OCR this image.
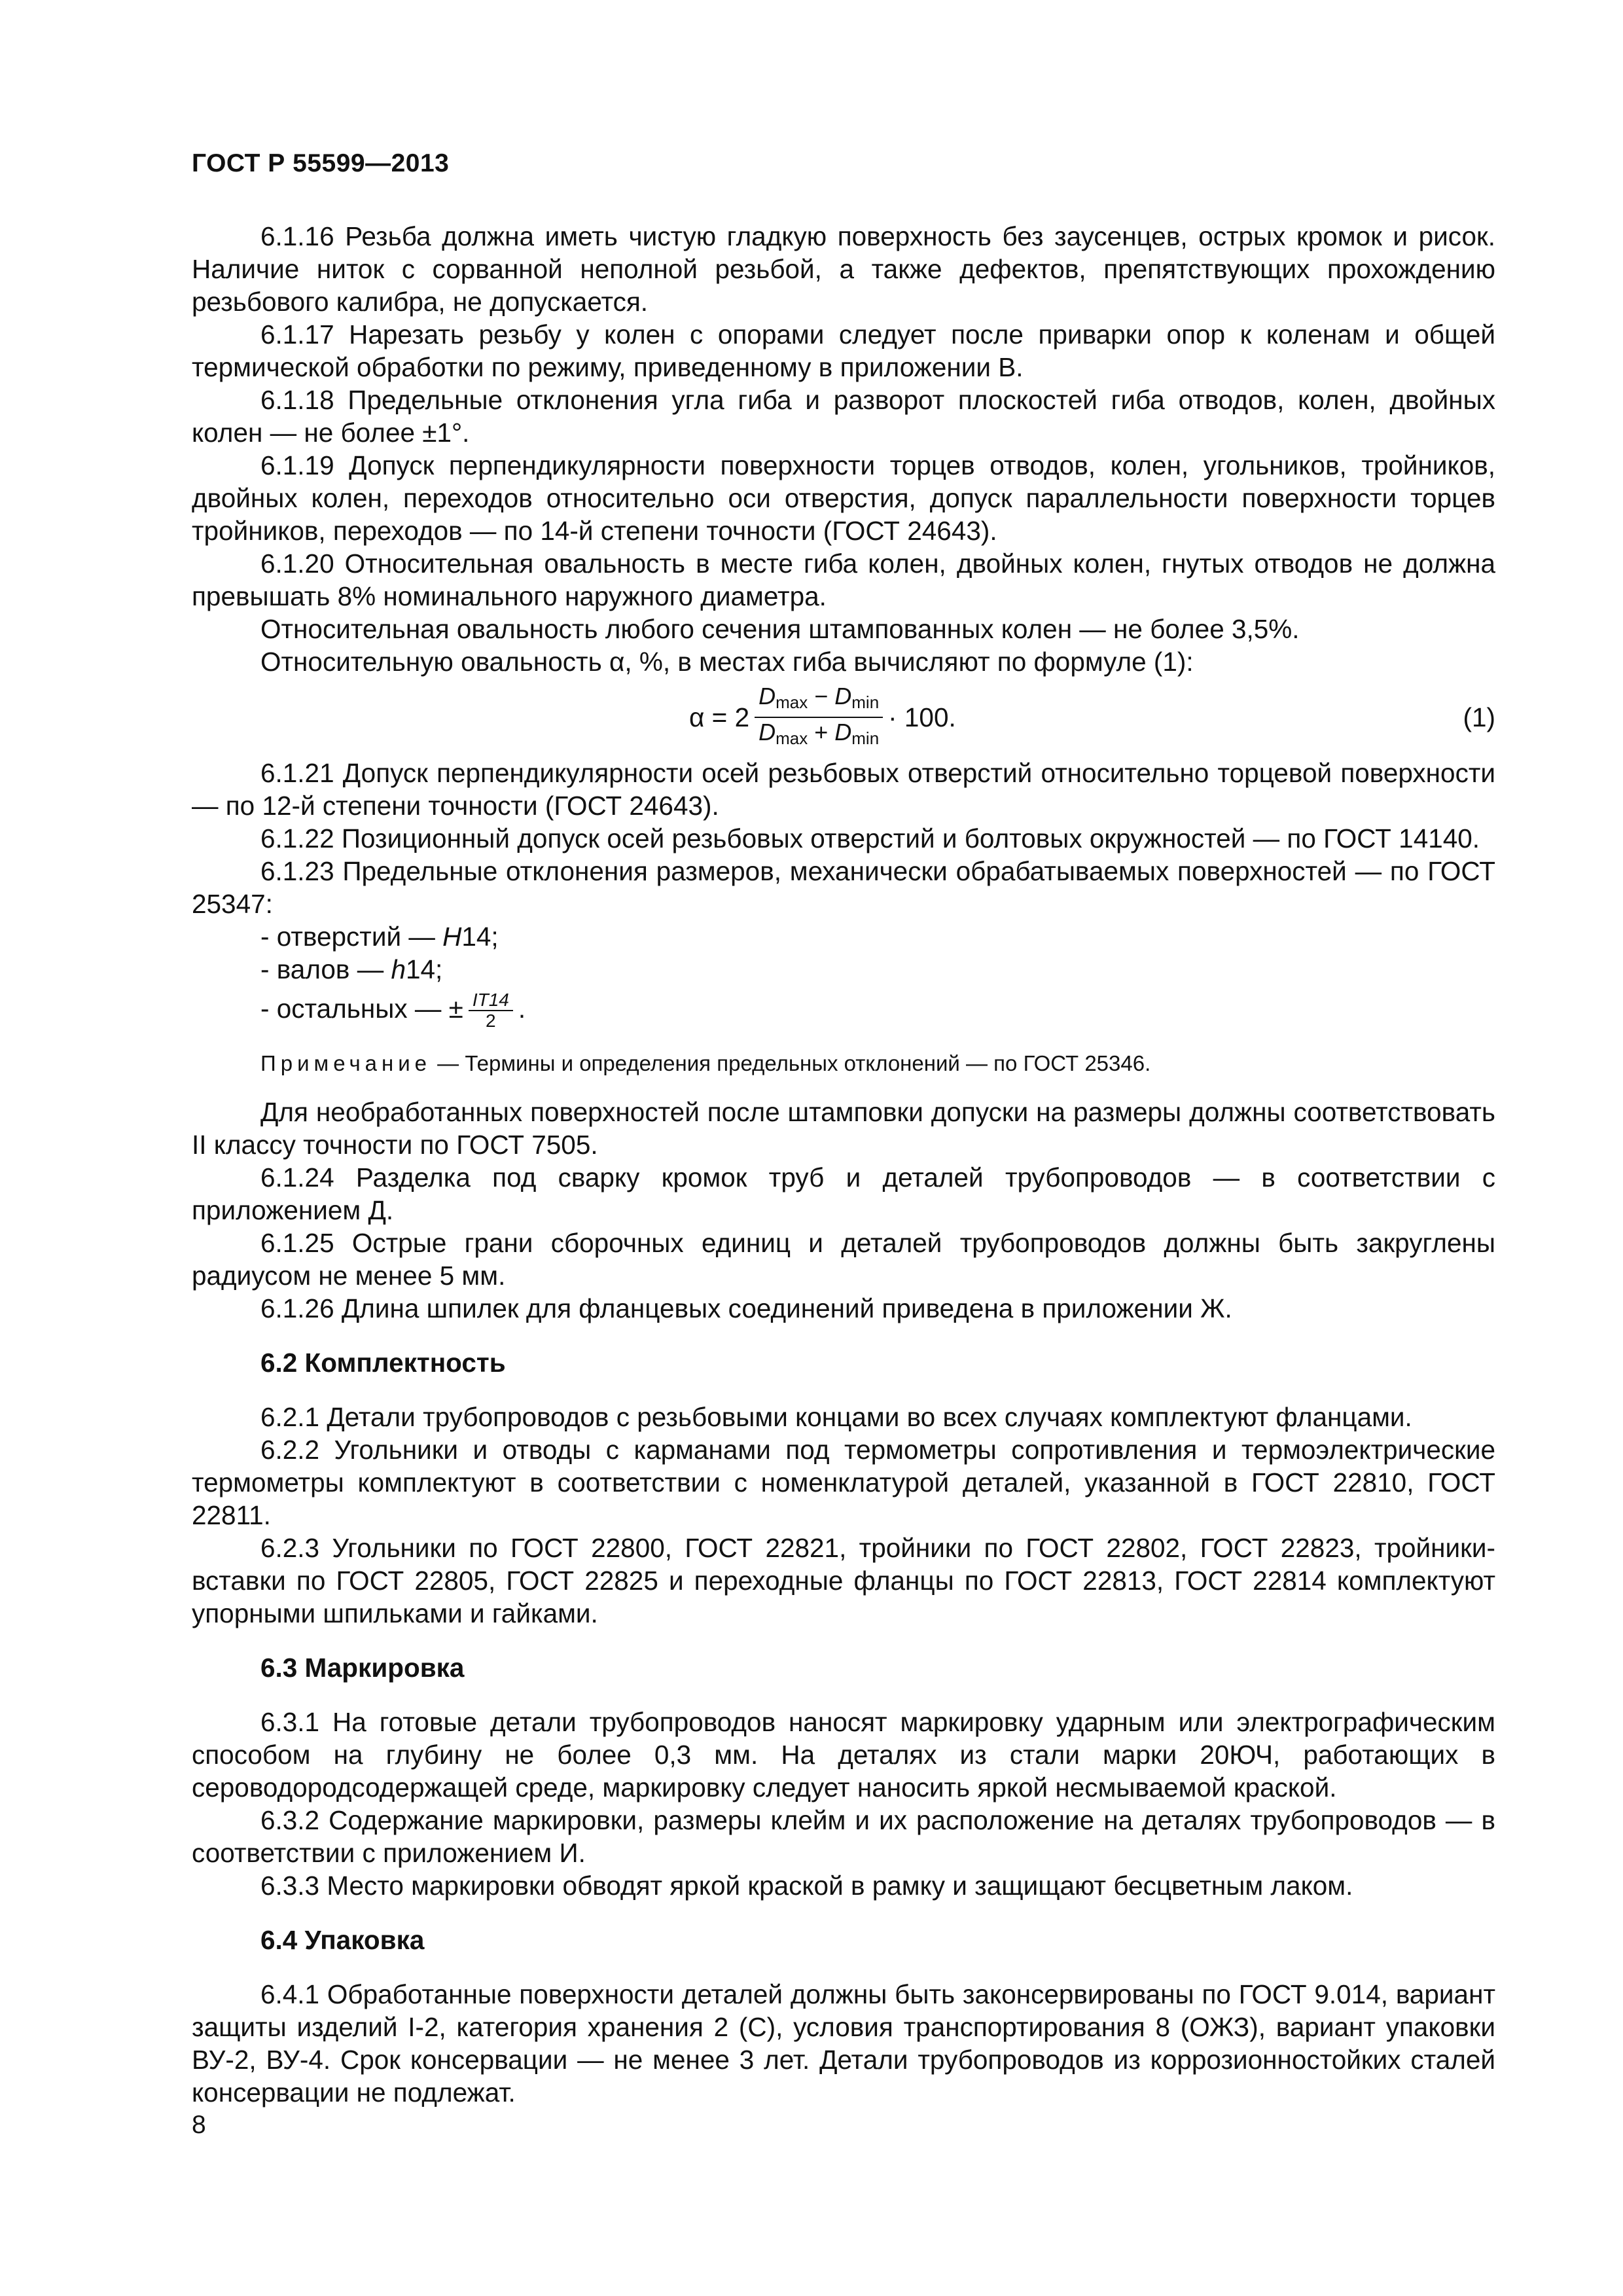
ГОСТ Р 55599—2013

6.1.16 Резьба должна иметь чистую гладкую поверхность без заусенцев, острых кромок и рисок. Наличие ниток с сорванной неполной резьбой, а также дефектов, препятствующих прохождению резьбового калибра, не допускается.

6.1.17 Нарезать резьбу у колен с опорами следует после приварки опор к коленам и общей термической обработки по режиму, приведенному в приложении В.

6.1.18 Предельные отклонения угла гиба и разворот плоскостей гиба отводов, колен, двойных колен — не более ±1°.

6.1.19 Допуск перпендикулярности поверхности торцев отводов, колен, угольников, тройников, двойных колен, переходов относительно оси отверстия, допуск параллельности поверхности торцев тройников, переходов — по 14-й степени точности (ГОСТ 24643).

6.1.20 Относительная овальность в месте гиба колен, двойных колен, гнутых отводов не должна превышать 8% номинального наружного диаметра.

Относительная овальность любого сечения штампованных колен — не более 3,5%.

Относительную овальность α, %, в местах гиба вычисляют по формуле (1):

$\alpha = 2 \frac{D_{max} - D_{min}}{D_{max} + D_{min}} \cdot 100$.	(1)

6.1.21 Допуск перпендикулярности осей резьбовых отверстий относительно торцевой поверхности — по 12-й степени точности (ГОСТ 24643).

6.1.22 Позиционный допуск осей резьбовых отверстий и болтовых окружностей — по ГОСТ 14140.

6.1.23 Предельные отклонения размеров, механически обрабатываемых поверхностей — по ГОСТ 25347:

- отверстий — H14;

- валов — h14;

- остальных — ± $\frac{IT14}{2}$ .

Примечание — Термины и определения предельных отклонений — по ГОСТ 25346.

Для необработанных поверхностей после штамповки допуски на размеры должны соответствовать II классу точности по ГОСТ 7505.

6.1.24 Разделка под сварку кромок труб и деталей трубопроводов — в соответствии с приложением Д.

6.1.25 Острые грани сборочных единиц и деталей трубопроводов должны быть закруглены радиусом не менее 5 мм.

6.1.26 Длина шпилек для фланцевых соединений приведена в приложении Ж.

6.2 Комплектность

6.2.1 Детали трубопроводов с резьбовыми концами во всех случаях комплектуют фланцами.

6.2.2 Угольники и отводы с карманами под термометры сопротивления и термоэлектрические термометры комплектуют в соответствии с номенклатурой деталей, указанной в ГОСТ 22810, ГОСТ 22811.

6.2.3 Угольники по ГОСТ 22800, ГОСТ 22821, тройники по ГОСТ 22802, ГОСТ 22823, тройники-вставки по ГОСТ 22805, ГОСТ 22825 и переходные фланцы по ГОСТ 22813, ГОСТ 22814 комплектуют упорными шпильками и гайками.

6.3 Маркировка

6.3.1 На готовые детали трубопроводов наносят маркировку ударным или электрографическим способом на глубину не более 0,3 мм. На деталях из стали марки 20ЮЧ, работающих в сероводородсодержащей среде, маркировку следует наносить яркой несмываемой краской.

6.3.2 Содержание маркировки, размеры клейм и их расположение на деталях трубопроводов — в соответствии с приложением И.

6.3.3 Место маркировки обводят яркой краской в рамку и защищают бесцветным лаком.

6.4 Упаковка

6.4.1 Обработанные поверхности деталей должны быть законсервированы по ГОСТ 9.014, вариант защиты изделий I-2, категория хранения 2 (С), условия транспортирования 8 (ОЖЗ), вариант упаковки ВУ-2, ВУ-4. Срок консервации — не менее 3 лет. Детали трубопроводов из коррозионностойких сталей консервации не подлежат.

8
